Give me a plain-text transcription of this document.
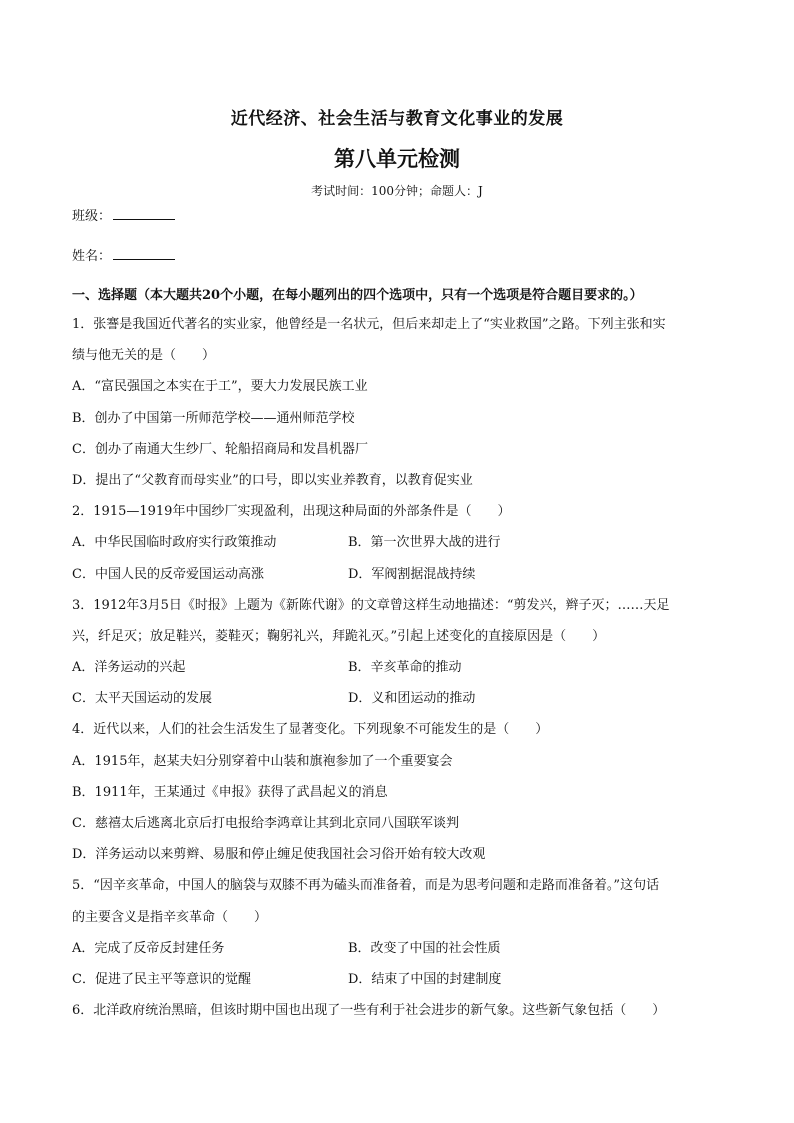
近代经济、社会生活与教育文化事业的发展
第八单元检测
考试时间：100分钟；命题人：J
班级：
姓名：
一、选择题（本大题共20个小题，在每小题列出的四个选项中，只有一个选项是符合题目要求的。）
1．张謇是我国近代著名的实业家，他曾经是一名状元，但后来却走上了“实业救国”之路。下列主张和实
绩与他无关的是（　　）
A．“富民强国之本实在于工”，要大力发展民族工业
B．创办了中国第一所师范学校——通州师范学校
C．创办了南通大生纱厂、轮船招商局和发昌机器厂
D．提出了“父教育而母实业”的口号，即以实业养教育，以教育促实业
2．1915—1919年中国纱厂实现盈利，出现这种局面的外部条件是（　　）
A．中华民国临时政府实行政策推动	B．第一次世界大战的进行
C．中国人民的反帝爱国运动高涨	D．军阀割据混战持续
3．1912年3月5日《时报》上题为《新陈代谢》的文章曾这样生动地描述：“剪发兴，辫子灭；……天足
兴，纤足灭；放足鞋兴，菱鞋灭；鞠躬礼兴，拜跪礼灭。”引起上述变化的直接原因是（　　）
A．洋务运动的兴起	B．辛亥革命的推动
C．太平天国运动的发展	D．义和团运动的推动
4．近代以来，人们的社会生活发生了显著变化。下列现象不可能发生的是（　　）
A．1915年，赵某夫妇分别穿着中山装和旗袍参加了一个重要宴会
B．1911年，王某通过《申报》获得了武昌起义的消息
C．慈禧太后逃离北京后打电报给李鸿章让其到北京同八国联军谈判
D．洋务运动以来剪辫、易服和停止缠足使我国社会习俗开始有较大改观
5．“因辛亥革命，中国人的脑袋与双膝不再为磕头而准备着，而是为思考问题和走路而准备着。”这句话
的主要含义是指辛亥革命（　　）
A．完成了反帝反封建任务	B．改变了中国的社会性质
C．促进了民主平等意识的觉醒	D．结束了中国的封建制度
6．北洋政府统治黑暗，但该时期中国也出现了一些有利于社会进步的新气象。这些新气象包括（　　）
